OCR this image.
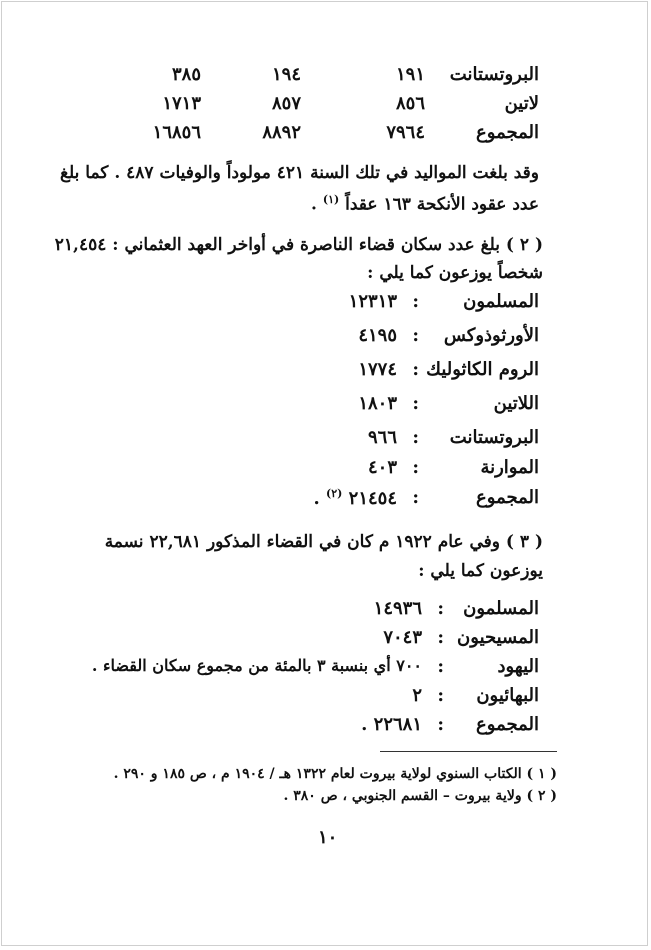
البروتستانت
١٩١
١٩٤
٣٨٥
لاتين
٨٥٦
٨٥٧
١٧١٣
المجموع
٧٩٦٤
٨٨٩٢
١٦٨٥٦
وقد بلغت المواليد في تلك السنة ٤٢١ مولوداً والوفيات ٤٨٧ . كما بلغ
عدد عقود الأنكحة ١٦٣ عقداً $^{(١)}$ .
( ٢ ) بلغ عدد سكان قضاء الناصرة في أواخر العهد العثماني : ٢١,٤٥٤
شخصاً يوزعون كما يلي :
المسلمون
:
١٢٣١٣
الأورثوذوكس
:
٤١٩٥
الروم الكاثوليك
:
١٧٧٤
اللاتين
:
١٨٠٣
البروتستانت
:
٩٦٦
الموارنة
:
٤٠٣
المجموع
:
٢١٤٥٤ $^{(٢)}$ .
( ٣ ) وفي عام ١٩٢٢ م كان في القضاء المذكور ٢٢,٦٨١ نسمة
يوزعون كما يلي :
المسلمون
:
١٤٩٣٦
المسيحيون
:
٧٠٤٣
اليهود
:
٧٠٠ أي بنسبة ٣ بالمئة من مجموع سكان القضاء .
البهائيون
:
٢
المجموع
:
٢٢٦٨١ .
( ١ ) الكتاب السنوي لولاية بيروت لعام ١٣٢٢ هـ / ١٩٠٤ م ، ص ١٨٥ و ٢٩٠ .
( ٢ ) ولاية بيروت – القسم الجنوبي ، ص ٣٨٠ .
١٠
